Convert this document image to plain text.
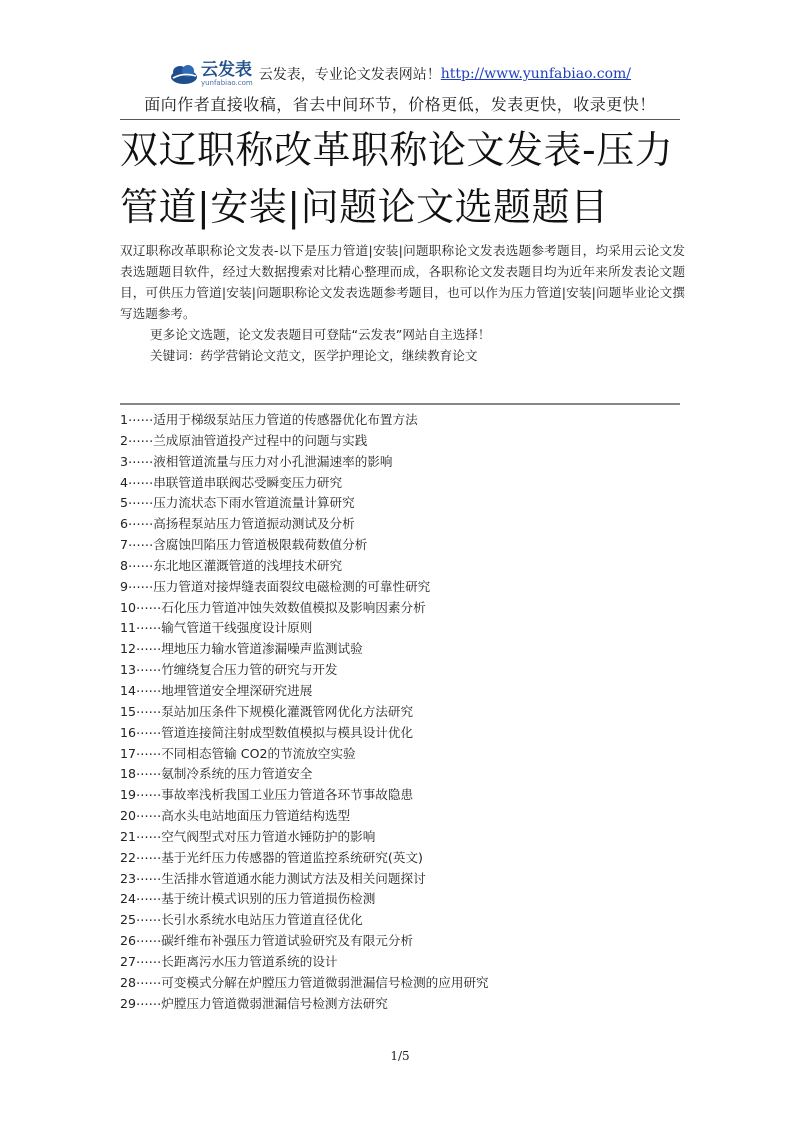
云发表
yunfabiao.com 云发表，专业论文发表网站！ http://www.yunfabiao.com/
面向作者直接收稿，省去中间环节，价格更低，发表更快，收录更快！
双辽职称改革职称论文发表-压力管道|安装|问题论文选题题目

双辽职称改革职称论文发表-以下是压力管道|安装|问题职称论文发表选题参考题目，均采用云论文发表选题题目软件，经过大数据搜索对比精心整理而成，各职称论文发表题目均为近年来所发表论文题目，可供压力管道|安装|问题职称论文发表选题参考题目，也可以作为压力管道|安装|问题毕业论文撰写选题参考。

更多论文选题，论文发表题目可登陆“云发表”网站自主选择！

关键词：药学营销论文范文，医学护理论文，继续教育论文

1⋯⋯适用于梯级泵站压力管道的传感器优化布置方法
2⋯⋯兰成原油管道投产过程中的问题与实践
3⋯⋯液相管道流量与压力对小孔泄漏速率的影响
4⋯⋯串联管道串联阀芯受瞬变压力研究
5⋯⋯压力流状态下雨水管道流量计算研究
6⋯⋯高扬程泵站压力管道振动测试及分析
7⋯⋯含腐蚀凹陷压力管道极限载荷数值分析
8⋯⋯东北地区灌溉管道的浅埋技术研究
9⋯⋯压力管道对接焊缝表面裂纹电磁检测的可靠性研究
10⋯⋯石化压力管道冲蚀失效数值模拟及影响因素分析
11⋯⋯输气管道干线强度设计原则
12⋯⋯埋地压力输水管道渗漏噪声监测试验
13⋯⋯竹缠绕复合压力管的研究与开发
14⋯⋯地埋管道安全埋深研究进展
15⋯⋯泵站加压条件下规模化灌溉管网优化方法研究
16⋯⋯管道连接简注射成型数值模拟与模具设计优化
17⋯⋯不同相态管输 CO2的节流放空实验
18⋯⋯氨制冷系统的压力管道安全
19⋯⋯事故率浅析我国工业压力管道各环节事故隐患
20⋯⋯高水头电站地面压力管道结构选型
21⋯⋯空气阀型式对压力管道水锤防护的影响
22⋯⋯基于光纤压力传感器的管道监控系统研究(英文)
23⋯⋯生活排水管道通水能力测试方法及相关问题探讨
24⋯⋯基于统计模式识别的压力管道损伤检测
25⋯⋯长引水系统水电站压力管道直径优化
26⋯⋯碳纤维布补强压力管道试验研究及有限元分析
27⋯⋯长距离污水压力管道系统的设计
28⋯⋯可变模式分解在炉膛压力管道微弱泄漏信号检测的应用研究
29⋯⋯炉膛压力管道微弱泄漏信号检测方法研究
1/5
